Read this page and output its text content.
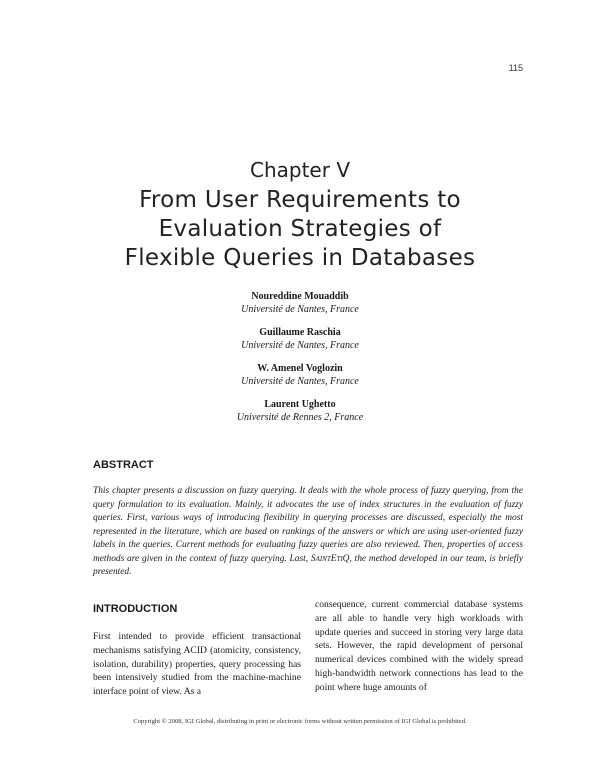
115
Chapter V
From User Requirements to
Evaluation Strategies of
Flexible Queries in Databases
Noureddine Mouaddib
Université de Nantes, France
Guillaume Raschia
Université de Nantes, France
W. Amenel Voglozin
Université de Nantes, France
Laurent Ughetto
Université de Rennes 2, France
ABSTRACT
This chapter presents a discussion on fuzzy querying. It deals with the whole process of fuzzy querying, from the query formulation to its evaluation. Mainly, it advocates the use of index structures in the evaluation of fuzzy queries. First, various ways of introducing flexibility in querying processes are discussed, especially the most represented in the literature, which are based on rankings of the answers or which are using user-oriented fuzzy labels in the queries. Current methods for evaluating fuzzy queries are also reviewed. Then, properties of access methods are given in the context of fuzzy querying. Last, SaintEtiQ, the method developed in our team, is briefly presented.
INTRODUCTION
First intended to provide efficient transactional mechanisms satisfying ACID (atomicity, consistency, isolation, durability) properties, query processing has been intensively studied from the machine-machine interface point of view. As a
consequence, current commercial database systems are all able to handle very high workloads with update queries and succeed in storing very large data sets. However, the rapid development of personal numerical devices combined with the widely spread high-bandwidth network connections has lead to the point where huge amounts of
Copyright © 2008, IGI Global, distributing in print or electronic forms without written permission of IGI Global is prohibited.
